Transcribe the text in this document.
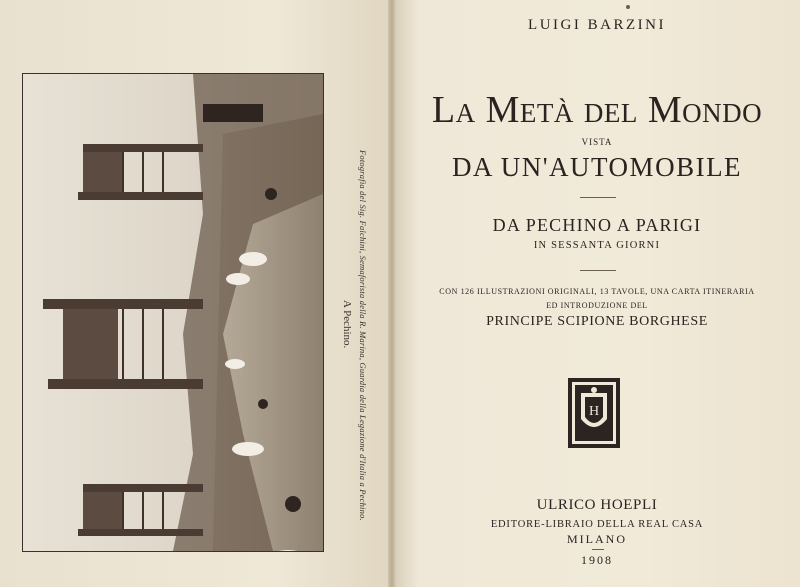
A Pechino. Fotografia del Sig. Falchini, Semaforista della R. Marina, Guardia della Legazione d'Italia a Pechino.
LUIGI BARZINI
La Metà del Mondo
VISTA
DA UN'AUTOMOBILE
DA PECHINO A PARIGI
IN SESSANTA GIORNI
CON 126 ILLUSTRAZIONI ORIGINALI, 13 TAVOLE, UNA CARTA ITINERARIA
ED INTRODUZIONE DEL
PRINCIPE SCIPIONE BORGHESE
H
ULRICO HOEPLI
EDITORE-LIBRAIO DELLA REAL CASA
MILANO
1908
